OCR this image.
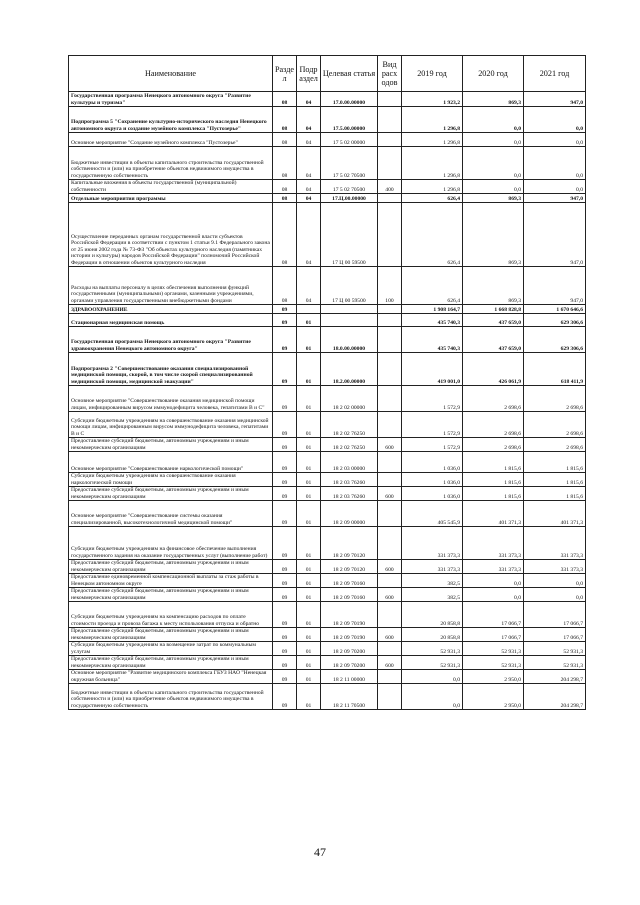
Наименование	Разде л	Подр аздел	Целевая статья	Вид расх одов	2019 год	2020 год	2021 год
Государственная программа Ненецкого автономного округа "Развитие культуры и туризма"	08	04	17.0.00.00000		1 923,2	869,3	947,0
Подпрограмма 5 "Сохранение культурно-исторического наследия Ненецкого автономного округа и создание музейного комплекса "Пустозерье"	08	04	17.5.00.00000		1 296,8	0,0	0,0
Основное мероприятие "Создание музейного комплекса "Пустозерье"	08	04	17 5 02 00000		1 296,8	0,0	0,0
Бюджетные инвестиции в объекты капитального строительства государственной собственности и (или) на приобретение объектов недвижимого имущества в государственную собственность	08	04	17 5 02 70500		1 296,8	0,0	0,0
Капитальные вложения в объекты государственной (муниципальной) собственности	08	04	17 5 02 70500	400	1 296,8	0,0	0,0
Отдельные мероприятия программы	08	04	17.Ц.00.00000		626,4	869,3	947,0
Осуществление переданных органам государственной власти субъектов Российской Федерации в соответствии с пунктом 1 статьи 9.1 Федерального закона от 25 июня 2002 года № 73-ФЗ "Об объектах культурного наследия (памятниках истории и культуры) народов Российской Федерации" полномочий Российской Федерации в отношении объектов культурного наследия	08	04	17 Ц 00 59500		626,4	869,3	947,0
Расходы на выплаты персоналу в целях обеспечения выполнения функций государственными (муниципальными) органами, казенными учреждениями, органами управления государственными внебюджетными фондами	08	04	17 Ц 00 59500	100	626,4	869,3	947,0
ЗДРАВООХРАНЕНИЕ	09				1 908 164,7	1 668 828,8	1 670 646,6
Стационарная медицинская помощь	09	01			435 740,3	437 659,0	629 306,6
Государственная программа Ненецкого автономного округа "Развитие здравоохранения Ненецкого автономного округа"	09	01	18.0.00.00000		435 740,3	437 659,0	629 306,6
Подпрограмма 2 "Совершенствование оказания специализированной медицинской помощи, скорой, в том числе скорой специализированной медицинской помощи, медицинской эвакуации"	09	01	18.2.00.00000		419 001,0	426 061,9	618 411,9
Основное мероприятие "Совершенствование оказания медицинской помощи лицам, инфицированным вирусом иммунодефицита человека, гепатитами B и C"	09	01	18 2 02 00000		1 572,9	2 698,6	2 698,6
Субсидии бюджетным учреждениям на совершенствование оказания медицинской помощи лицам, инфицированным вирусом иммунодефицита человека, гепатитами B и C	09	01	18 2 02 76250		1 572,9	2 698,6	2 698,6
Предоставление субсидий бюджетным, автономным учреждениям и иным некоммерческим организациям	09	01	18 2 02 76250	600	1 572,9	2 698,6	2 698,6
Основное мероприятие "Совершенствование наркологической помощи"	09	01	18 2 03 00000		1 036,0	1 815,6	1 815,6
Субсидии бюджетным учреждениям на совершенствование оказания наркологической помощи	09	01	18 2 03 76260		1 036,0	1 815,6	1 815,6
Предоставление субсидий бюджетным, автономным учреждениям и иным некоммерческим организациям	09	01	18 2 03 76260	600	1 036,0	1 815,6	1 815,6
Основное мероприятие "Совершенствование системы оказания специализированной, высокотехнологичной медицинской помощи"	09	01	18 2 09 00000		405 545,9	401 371,3	401 371,3
Субсидии бюджетным учреждениям на финансовое обеспечение выполнения государственного задания на оказание государственных услуг (выполнение работ)	09	01	18 2 09 70120		331 373,3	331 373,3	331 373,3
Предоставление субсидий бюджетным, автономным учреждениям и иным некоммерческим организациям	09	01	18 2 09 70120	600	331 373,3	331 373,3	331 373,3
Предоставление единовременной компенсационной выплаты за стаж работы в Ненецком автономном округе	09	01	18 2 09 70160		382,5	0,0	0,0
Предоставление субсидий бюджетным, автономным учреждениям и иным некоммерческим организациям	09	01	18 2 09 70160	600	382,5	0,0	0,0
Субсидии бюджетным учреждениям на компенсацию расходов по оплате стоимости проезда и провоза багажа к месту использования отпуска и обратно	09	01	18 2 09 70190		20 858,8	17 066,7	17 066,7
Предоставление субсидий бюджетным, автономным учреждениям и иным некоммерческим организациям	09	01	18 2 09 70190	600	20 858,8	17 066,7	17 066,7
Субсидии бюджетным учреждениям на возмещение затрат по коммунальным услугам	09	01	18 2 09 70200		52 931,3	52 931,3	52 931,3
Предоставление субсидий бюджетным, автономным учреждениям и иным некоммерческим организациям	09	01	18 2 09 70200	600	52 931,3	52 931,3	52 931,3
Основное мероприятие "Развитие медицинского комплекса ГБУЗ НАО "Ненецкая окружная больница"	09	01	18 2 11 00000		0,0	2 950,0	204 298,7
Бюджетные инвестиции в объекты капитального строительства государственной собственности и (или) на приобретение объектов недвижимого имущества в государственную собственность	09	01	18 2 11 70500		0,0	2 950,0	204 298,7
47
